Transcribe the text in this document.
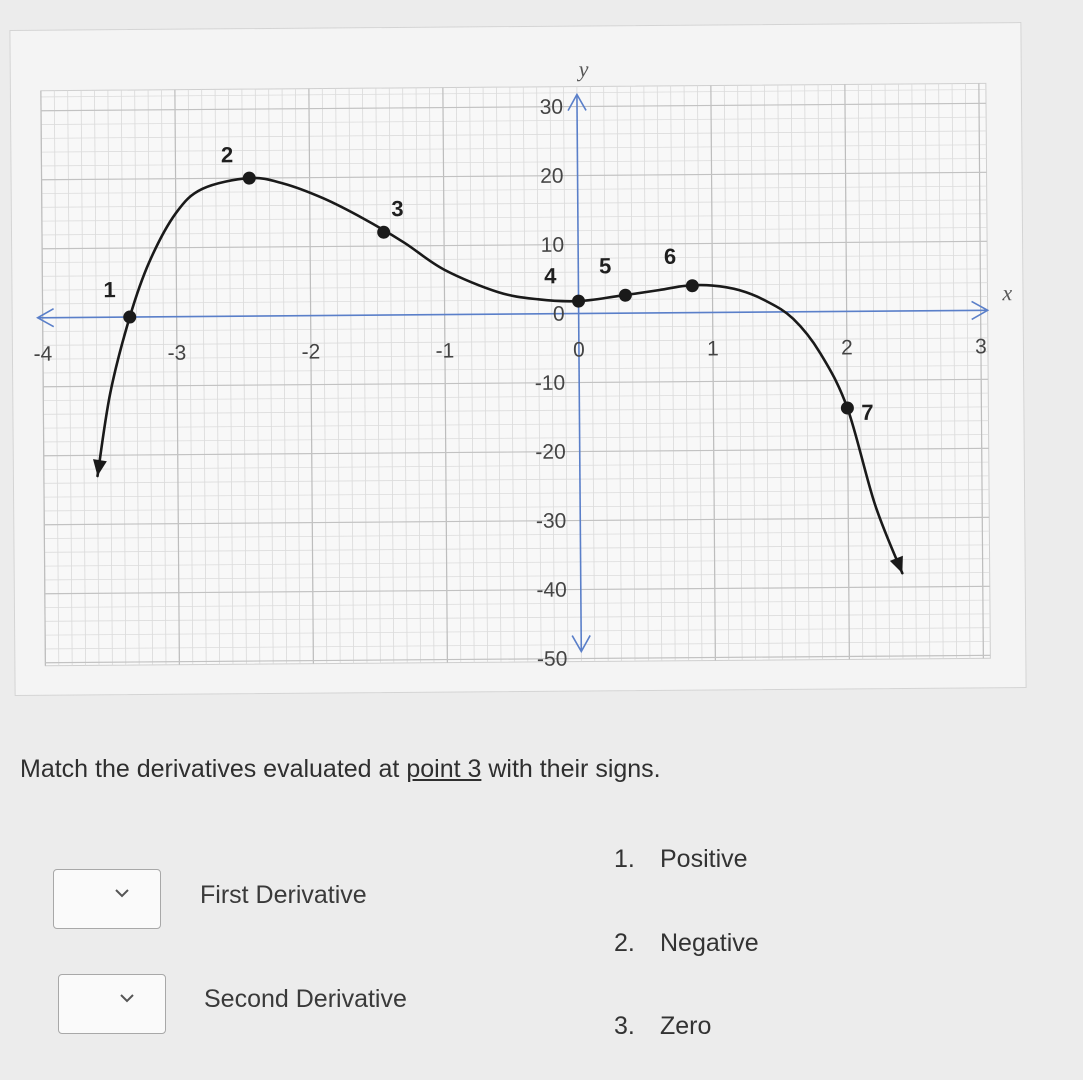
x
y
-4	-3	-2	-1	0	1	2	3
30
20
10
0
-10
-20
-30
-40
-50
1
2
3
4 5 6
7
Match the derivatives evaluated at point 3 with their signs.
First Derivative
Second Derivative
1. Positive
2. Negative
3. Zero
